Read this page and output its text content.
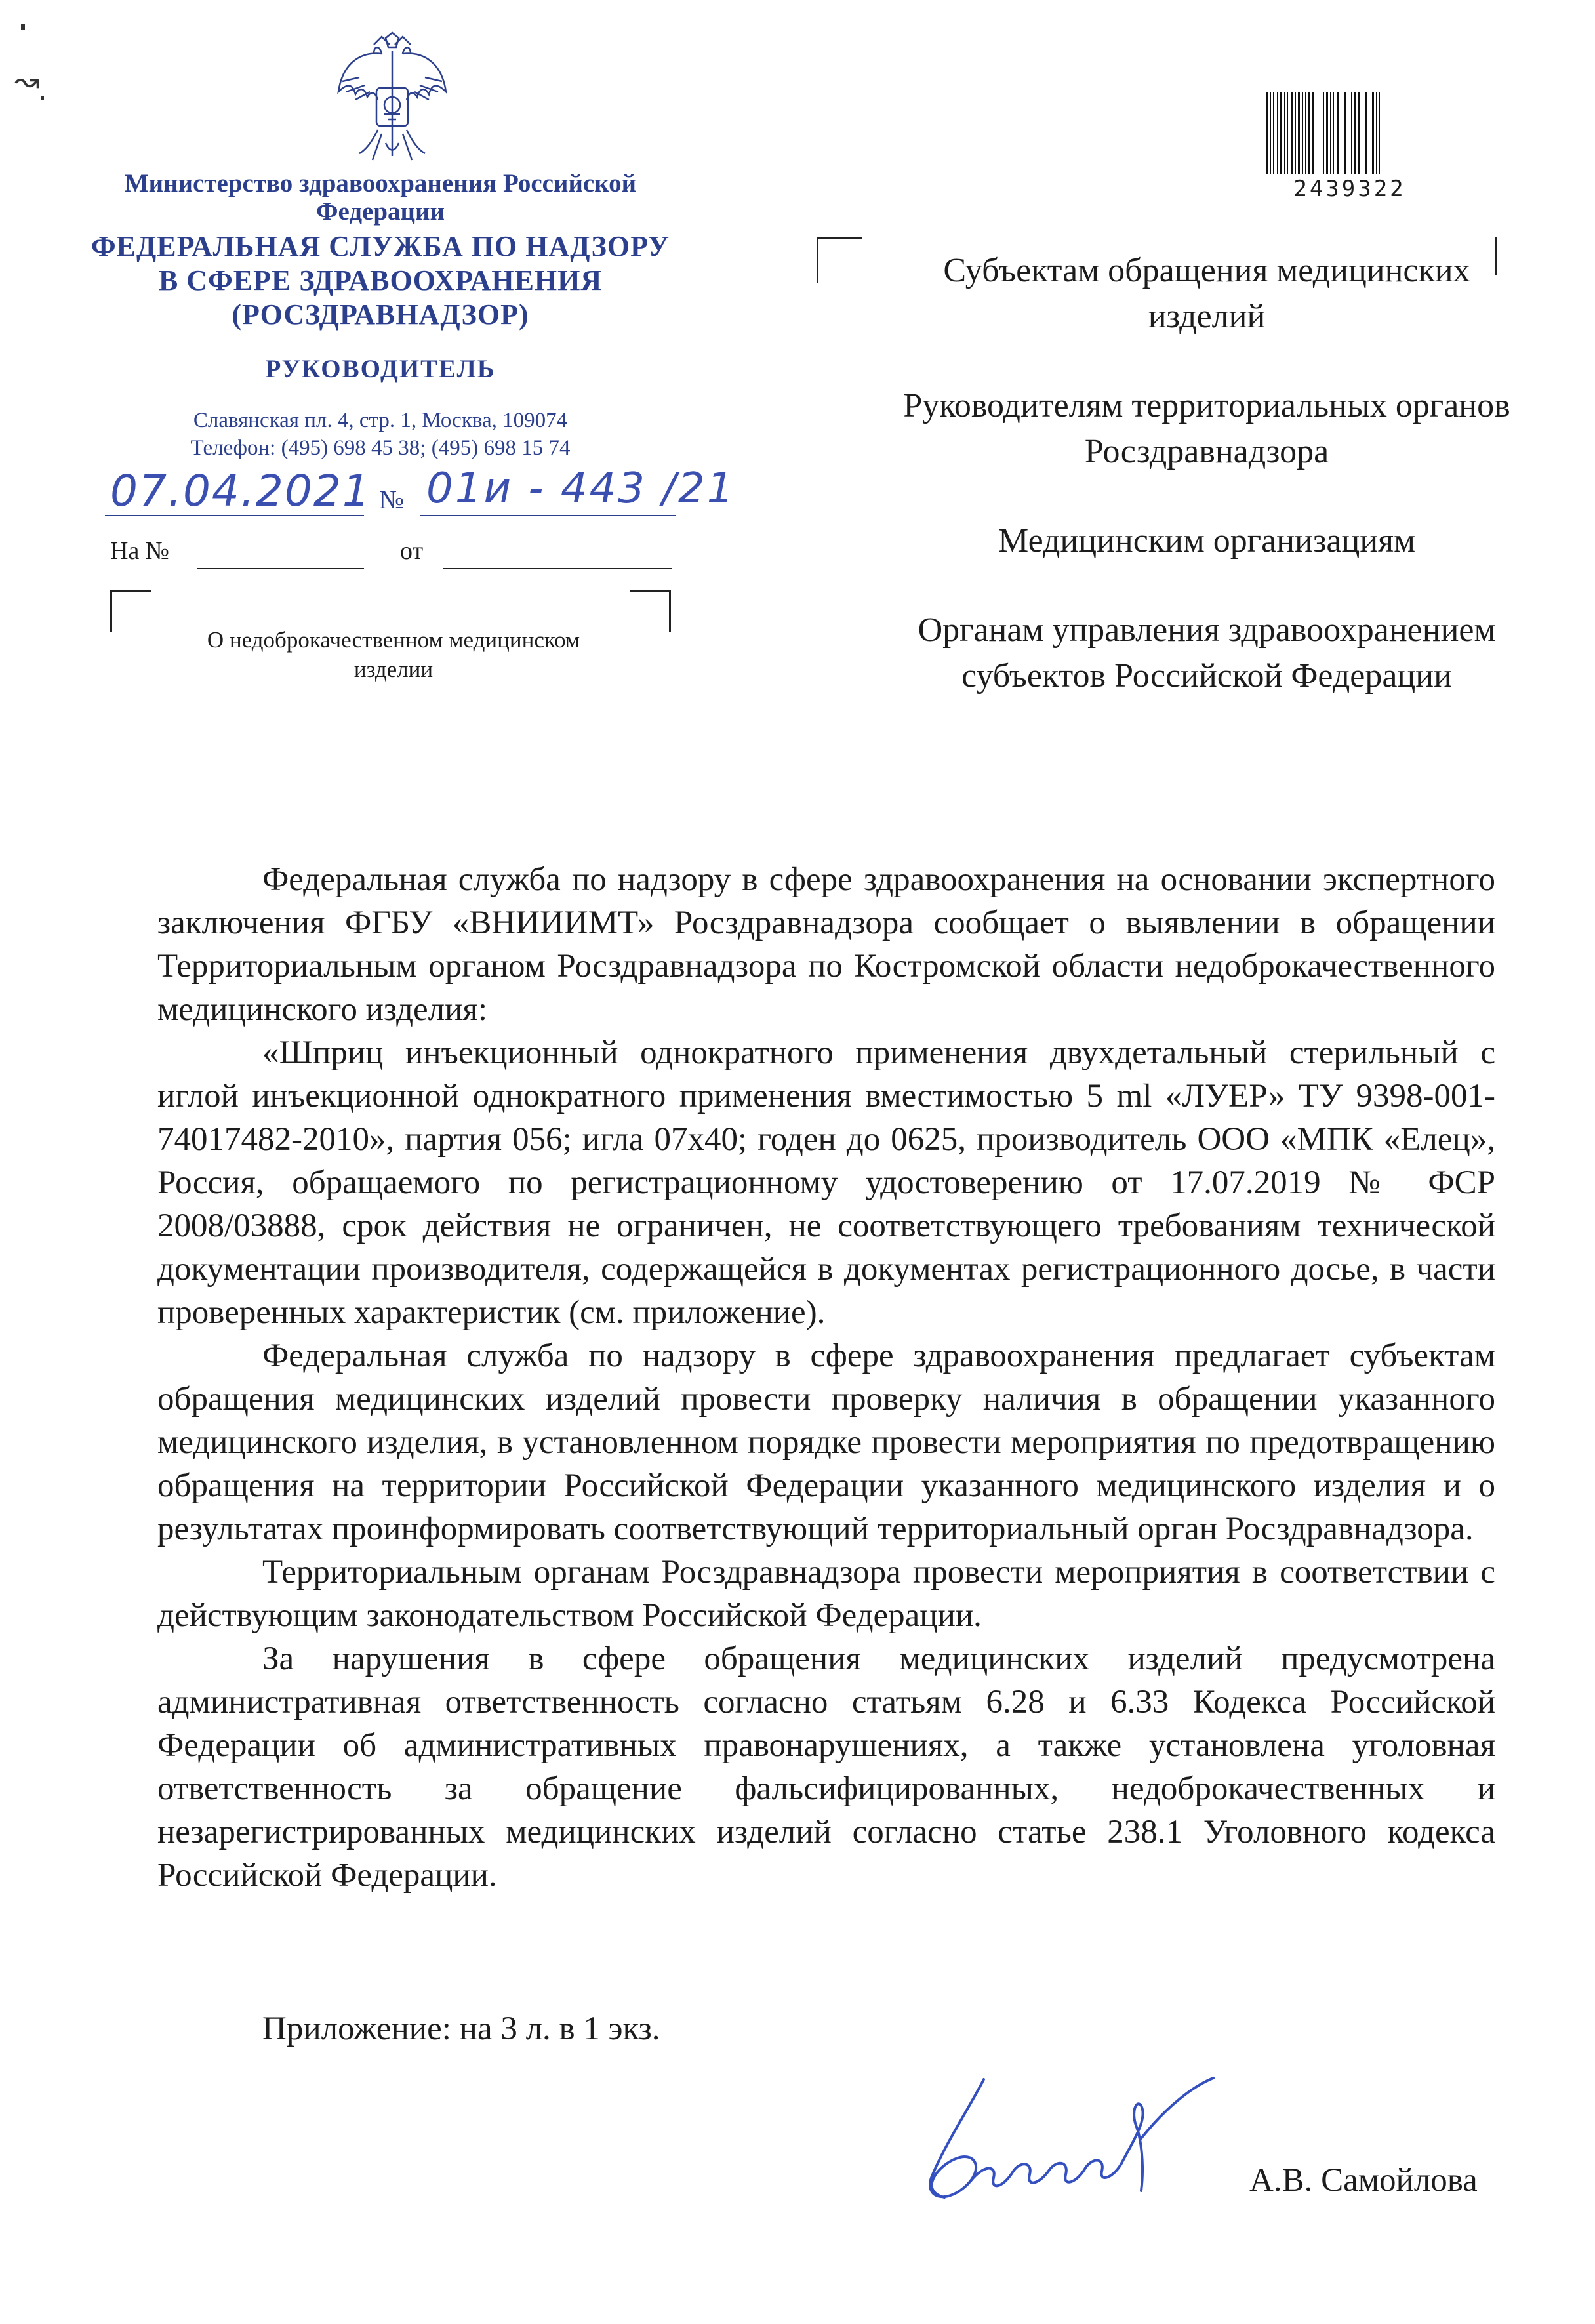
↝
Министерство здравоохранения Российской Федерации
ФЕДЕРАЛЬНАЯ СЛУЖБА ПО НАДЗОРУ В СФЕРЕ ЗДРАВООХРАНЕНИЯ (РОСЗДРАВНАДЗОР)
РУКОВОДИТЕЛЬ
Славянская пл. 4, стр. 1, Москва, 109074
Телефон: (495) 698 45 38; (495) 698 15 74
07.04.2021 № 01и - 443 /21
На №	от
О недоброкачественном медицинском изделии
2439322
Субъектам обращения медицинских изделий
Руководителям территориальных органов Росздравнадзора
Медицинским организациям
Органам управления здравоохранением субъектов Российской Федерации

Федеральная служба по надзору в сфере здравоохранения на основании экспертного заключения ФГБУ «ВНИИИМТ» Росздравнадзора сообщает о выявлении в обращении Территориальным органом Росздравнадзора по Костромской области недоброкачественного медицинского изделия:

«Шприц инъекционный однократного применения двухдетальный стерильный с иглой инъекционной однократного применения вместимостью 5 ml «ЛУЕР» ТУ 9398-001-74017482-2010», партия 056; игла 07x40; годен до 0625, производитель ООО «МПК «Елец», Россия, обращаемого по регистрационному удостоверению от 17.07.2019 № ФСР 2008/03888, срок действия не ограничен, не соответствующего требованиям технической документации производителя, содержащейся в документах регистрационного досье, в части проверенных характеристик (см. приложение).

Федеральная служба по надзору в сфере здравоохранения предлагает субъектам обращения медицинских изделий провести проверку наличия в обращении указанного медицинского изделия, в установленном порядке провести мероприятия по предотвращению обращения на территории Российской Федерации указанного медицинского изделия и о результатах проинформировать соответствующий территориальный орган Росздравнадзора.

Территориальным органам Росздравнадзора провести мероприятия в соответствии с действующим законодательством Российской Федерации.

За нарушения в сфере обращения медицинских изделий предусмотрена административная ответственность согласно статьям 6.28 и 6.33 Кодекса Российской Федерации об административных правонарушениях, а также установлена уголовная ответственность за обращение фальсифицированных, недоброкачественных и незарегистрированных медицинских изделий согласно статье 238.1 Уголовного кодекса Российской Федерации.

Приложение: на 3 л. в 1 экз.
А.В. Самойлова
